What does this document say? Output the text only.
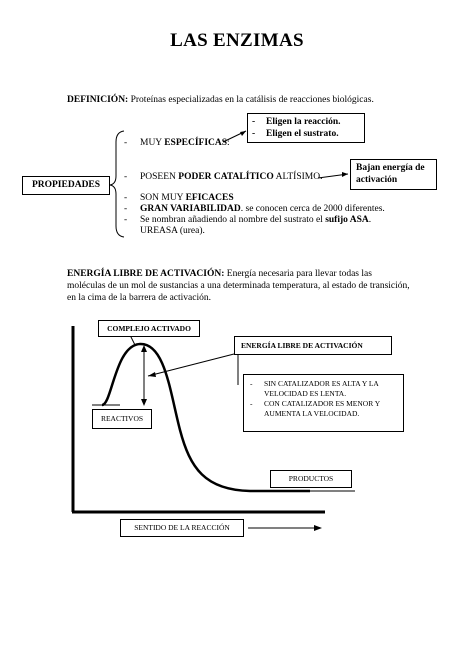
LAS ENZIMAS
DEFINICIÓN: Proteínas especializadas en la catálisis de reacciones biológicas.
PROPIEDADES
- MUY ESPECÍFICAS:
- Eligen la reacción.
- Eligen el sustrato.
- POSEEN PODER CATALÍTICO ALTÍSIMO.
Bajan energía de activación
- SON MUY EFICACES
- GRAN VARIABILIDAD. se conocen cerca de 2000 diferentes.
- Se nombran añadiendo al nombre del sustrato el sufijo ASA.
UREASA (urea).
ENERGÍA LIBRE DE ACTIVACIÓN: Energía necesaria para llevar todas las moléculas de un mol de sustancias a una determinada temperatura, al estado de transición, en la cima de la barrera de activación.
COMPLEJO ACTIVADO
ENERGÍA LIBRE DE ACTIVACIÓN
-	SIN CATALIZADOR ES ALTA Y LA VELOCIDAD ES LENTA.
-	CON CATALIZADOR ES MENOR Y AUMENTA LA VELOCIDAD.
REACTIVOS
PRODUCTOS
SENTIDO DE LA REACCIÓN
